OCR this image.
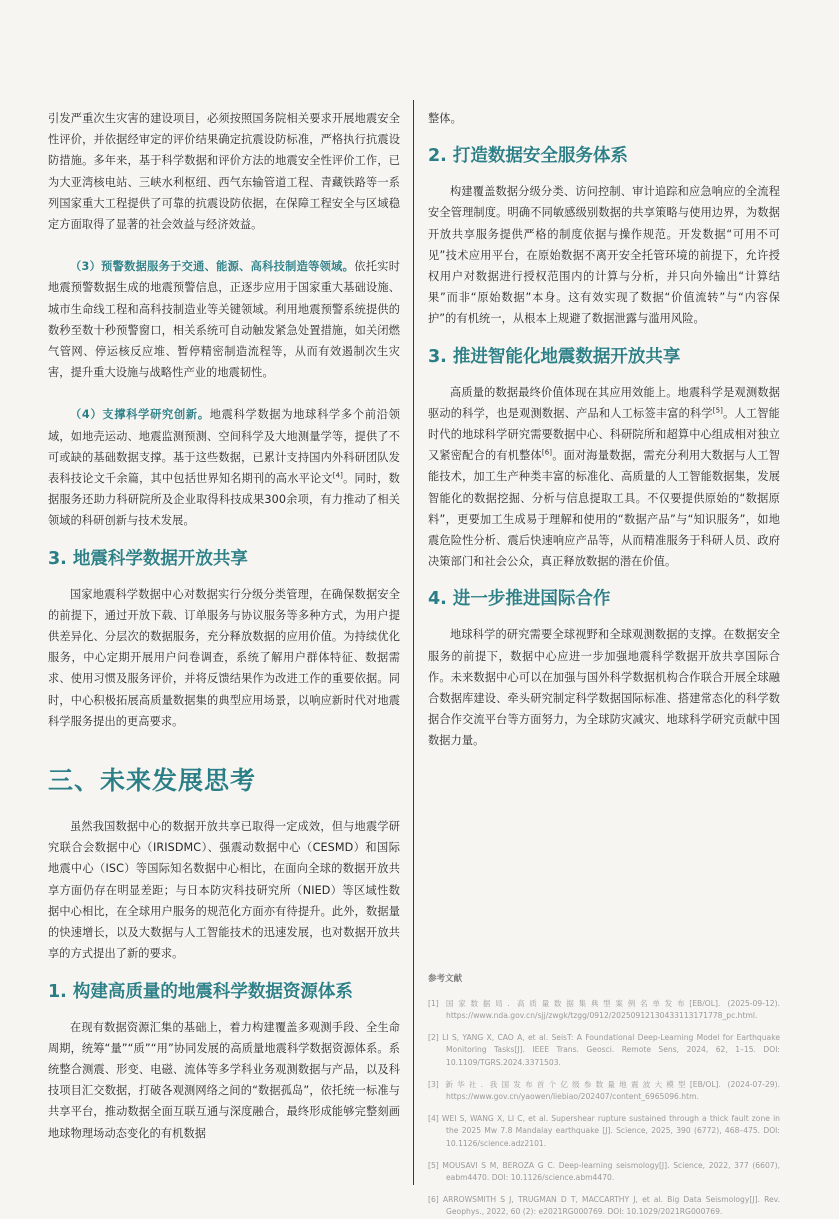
引发严重次生灾害的建设项目，必须按照国务院相关要求开展地震安全性评价，并依据经审定的评价结果确定抗震设防标准，严格执行抗震设防措施。多年来，基于科学数据和评价方法的地震安全性评价工作，已为大亚湾核电站、三峡水利枢纽、西气东输管道工程、青藏铁路等一系列国家重大工程提供了可靠的抗震设防依据，在保障工程安全与区域稳定方面取得了显著的社会效益与经济效益。

（3）预警数据服务于交通、能源、高科技制造等领域。依托实时地震预警数据生成的地震预警信息，正逐步应用于国家重大基础设施、城市生命线工程和高科技制造业等关键领域。利用地震预警系统提供的数秒至数十秒预警窗口，相关系统可自动触发紧急处置措施，如关闭燃气管网、停运核反应堆、暂停精密制造流程等，从而有效遏制次生灾害，提升重大设施与战略性产业的地震韧性。

（4）支撑科学研究创新。地震科学数据为地球科学多个前沿领域，如地壳运动、地震监测预测、空间科学及大地测量学等，提供了不可或缺的基础数据支撑。基于这些数据，已累计支持国内外科研团队发表科技论文千余篇，其中包括世界知名期刊的高水平论文[4]。同时，数据服务还助力科研院所及企业取得科技成果300余项，有力推动了相关领域的科研创新与技术发展。

3. 地震科学数据开放共享

国家地震科学数据中心对数据实行分级分类管理，在确保数据安全的前提下，通过开放下载、订单服务与协议服务等多种方式，为用户提供差异化、分层次的数据服务，充分释放数据的应用价值。为持续优化服务，中心定期开展用户问卷调查，系统了解用户群体特征、数据需求、使用习惯及服务评价，并将反馈结果作为改进工作的重要依据。同时，中心积极拓展高质量数据集的典型应用场景，以响应新时代对地震科学服务提出的更高要求。

三、未来发展思考

虽然我国数据中心的数据开放共享已取得一定成效，但与地震学研究联合会数据中心（IRISDMC）、强震动数据中心（CESMD）和国际地震中心（ISC）等国际知名数据中心相比，在面向全球的数据开放共享方面仍存在明显差距；与日本防灾科技研究所（NIED）等区域性数据中心相比，在全球用户服务的规范化方面亦有待提升。此外，数据量的快速增长，以及大数据与人工智能技术的迅速发展，也对数据开放共享的方式提出了新的要求。

1. 构建高质量的地震科学数据资源体系

在现有数据资源汇集的基础上，着力构建覆盖多观测手段、全生命周期，统筹“量”“质”“用”协同发展的高质量地震科学数据资源体系。系统整合测震、形变、电磁、流体等多学科业务观测数据与产品，以及科技项目汇交数据，打破各观测网络之间的“数据孤岛”，依托统一标准与共享平台，推动数据全面互联互通与深度融合，最终形成能够完整刻画地球物理场动态变化的有机数据

整体。

2. 打造数据安全服务体系

构建覆盖数据分级分类、访问控制、审计追踪和应急响应的全流程安全管理制度。明确不同敏感级别数据的共享策略与使用边界，为数据开放共享服务提供严格的制度依据与操作规范。开发数据“可用不可见”技术应用平台，在原始数据不离开安全托管环境的前提下，允许授权用户对数据进行授权范围内的计算与分析，并只向外输出“计算结果”而非“原始数据”本身。这有效实现了数据“价值流转”与“内容保护”的有机统一，从根本上规避了数据泄露与滥用风险。

3. 推进智能化地震数据开放共享

高质量的数据最终价值体现在其应用效能上。地震科学是观测数据驱动的科学，也是观测数据、产品和人工标签丰富的科学[5]。人工智能时代的地球科学研究需要数据中心、科研院所和超算中心组成相对独立又紧密配合的有机整体[6]。面对海量数据，需充分利用大数据与人工智能技术，加工生产种类丰富的标准化、高质量的人工智能数据集，发展智能化的数据挖掘、分析与信息提取工具。不仅要提供原始的“数据原料”，更要加工生成易于理解和使用的“数据产品”与“知识服务”，如地震危险性分析、震后快速响应产品等，从而精准服务于科研人员、政府决策部门和社会公众，真正释放数据的潜在价值。

4. 进一步推进国际合作

地球科学的研究需要全球视野和全球观测数据的支撑。在数据安全服务的前提下，数据中心应进一步加强地震科学数据开放共享国际合作。未来数据中心可以在加强与国外科学数据机构合作联合开展全球融合数据库建设、牵头研究制定科学数据国际标准、搭建常态化的科学数据合作交流平台等方面努力，为全球防灾减灾、地球科学研究贡献中国数据力量。

参考文献

[1] 国家数据局. 高质量数据集典型案例名单发布[EB/OL]. (2025-09-12). https://www.nda.gov.cn/sjj/zwgk/tzgg/0912/20250912130433113171778_pc.html.

[2] LI S, YANG X, CAO A, et al. SeisT: A Foundational Deep-Learning Model for Earthquake Monitoring Tasks[J]. IEEE Trans. Geosci. Remote Sens, 2024, 62, 1–15. DOI: 10.1109/TGRS.2024.3371503.

[3] 新华社. 我国发布首个亿级参数量地震波大模型[EB/OL]. (2024-07-29). https://www.gov.cn/yaowen/liebiao/202407/content_6965096.htm.

[4] WEI S, WANG X, LI C, et al. Supershear rupture sustained through a thick fault zone in the 2025 Mw 7.8 Mandalay earthquake [J]. Science, 2025, 390 (6772), 468–475. DOI: 10.1126/science.adz2101.

[5] MOUSAVI S M, BEROZA G C. Deep-learning seismology[J]. Science, 2022, 377 (6607), eabm4470. DOI: 10.1126/science.abm4470.

[6] ARROWSMITH S J, TRUGMAN D T, MACCARTHY J, et al. Big Data Seismology[J]. Rev. Geophys., 2022, 60 (2): e2021RG000769. DOI: 10.1029/2021RG000769.
